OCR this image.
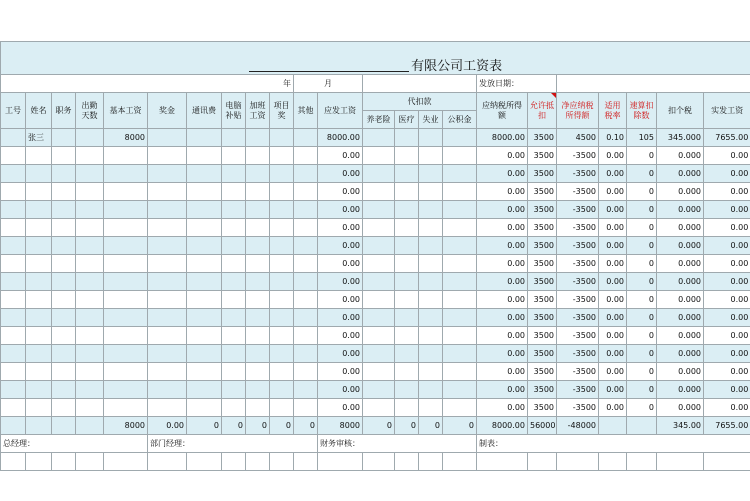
有限公司工资表																						
年										月						发放日期：						
工号	姓名	职务	出勤天数	基本工资	奖金	通讯费	电脑补贴	加班工资	项目奖	其他	应发工资	代扣款				应纳税所得额	允许抵扣	净应纳税所得额	适用税率	速算扣除数	扣个税	实发工资
												养老险	医疗	失业	公积金							
	张三			8000							8000.00					8000.00	3500	4500	0.10	105	345.000	7655.00
											0.00					0.00	3500	-3500	0.00	0	0.000	0.00
											0.00					0.00	3500	-3500	0.00	0	0.000	0.00
											0.00					0.00	3500	-3500	0.00	0	0.000	0.00
											0.00					0.00	3500	-3500	0.00	0	0.000	0.00
											0.00					0.00	3500	-3500	0.00	0	0.000	0.00
											0.00					0.00	3500	-3500	0.00	0	0.000	0.00
											0.00					0.00	3500	-3500	0.00	0	0.000	0.00
											0.00					0.00	3500	-3500	0.00	0	0.000	0.00
											0.00					0.00	3500	-3500	0.00	0	0.000	0.00
											0.00					0.00	3500	-3500	0.00	0	0.000	0.00
											0.00					0.00	3500	-3500	0.00	0	0.000	0.00
											0.00					0.00	3500	-3500	0.00	0	0.000	0.00
											0.00					0.00	3500	-3500	0.00	0	0.000	0.00
											0.00					0.00	3500	-3500	0.00	0	0.000	0.00
											0.00					0.00	3500	-3500	0.00	0	0.000	0.00
				8000	0.00	0	0	0	0	0	8000	0	0	0	0	8000.00	56000	-48000			345.00	7655.00
总经理：					部门经理：						财务审核：					制表：						
